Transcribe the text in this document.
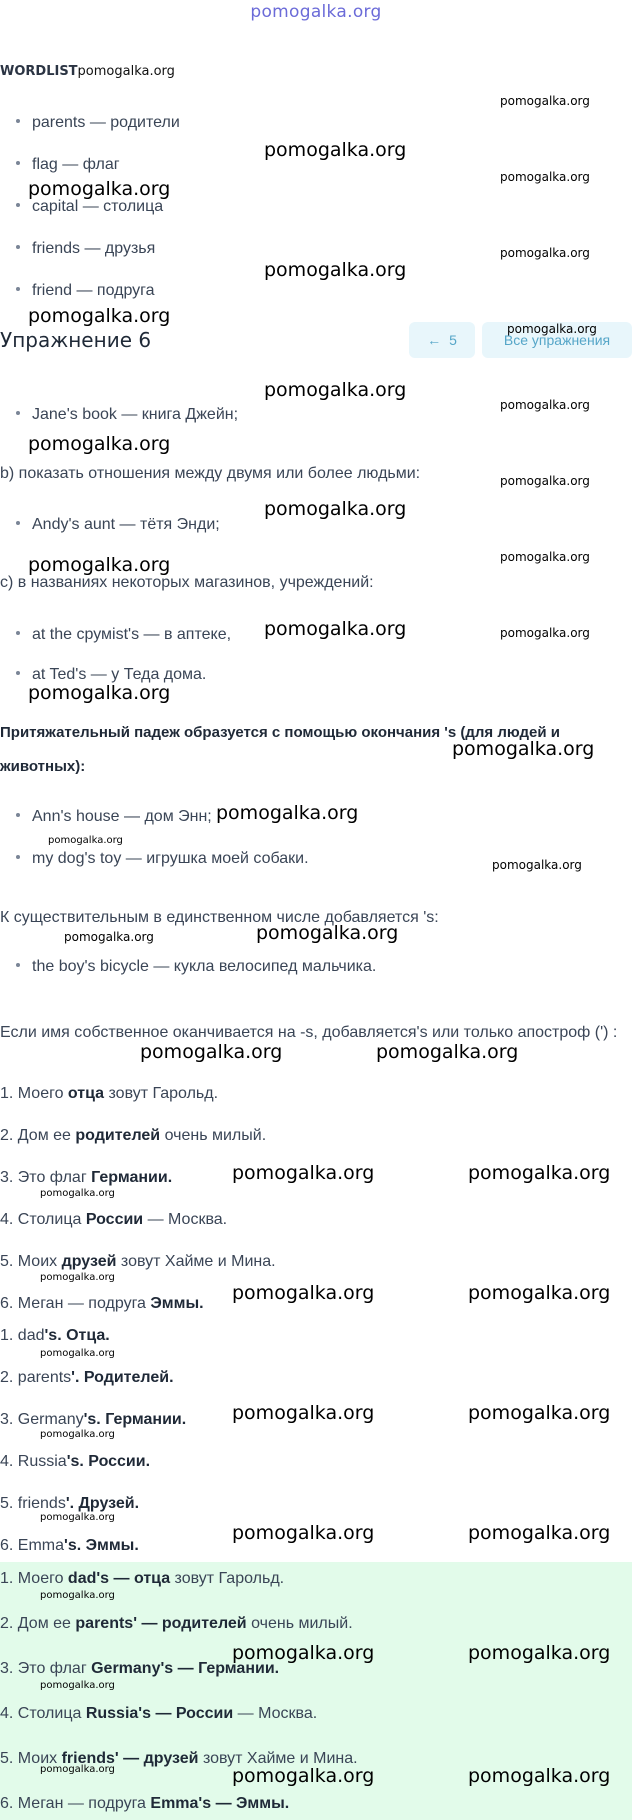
pomogalka.org
WORDLISTpomogalka.org
parents — родители
flag — флаг
capital — столица
friends — друзья
friend — подруга
Упражнение 6	← 5	Все упражнения
Jane's book — книга Джейн;
b) показать отношения между двумя или более людьми:
Andy's aunt — тётя Энди;
c) в названиях некоторых магазинов, учреждений:
at the срумist's — в аптеке,
at Ted's — у Теда дома.
Притяжательный падеж образуется с помощью окончания 's (для людей и животных):
Ann's house — дом Энн;
my dog's toy — игрушка моей собаки.
К существительным в единственном числе добавляется 's:
the boy's bicycle — кукла велосипед мальчика.
Если имя собственное оканчивается на -s, добавляется's или только апостроф (') :
1. Моего отца зовут Гарольд.
2. Дом ее родителей очень милый.
3. Это флаг Германии.
4. Столица России — Москва.
5. Моих друзей зовут Хайме и Мина.
6. Меган — подруга Эммы.
1. dad's. Отца.
2. parents'. Родителей.
3. Germany's. Германии.
4. Russia's. России.
5. friends'. Друзей.
6. Emma's. Эммы.
1. Моего dad's — отца зовут Гарольд.
2. Дом ее parents' — родителей очень милый.
3. Это флаг Germany's — Германии.
4. Столица Russia's — России — Москва.
5. Моих friends' — друзей зовут Хайме и Мина.
6. Меган — подруга Emma's — Эммы.
pomogalka.org
pomogalka.org
pomogalka.org
pomogalka.org
pomogalka.org
pomogalka.org
pomogalka.org
pomogalka.org
pomogalka.org
pomogalka.org
pomogalka.org
pomogalka.org
pomogalka.org
pomogalka.org	pomogalka.org
pomogalka.org	pomogalka.org
pomogalka.org	pomogalka.org
pomogalka.org	pomogalka.org
pomogalka.org	pomogalka.org
pomogalka.org	pomogalka.org
pomogalka.org	pomogalka.org
pomogalka.org
pomogalka.org
pomogalka.org
pomogalka.org
pomogalka.org
pomogalka.org
pomogalka.org
pomogalka.org
pomogalka.org
pomogalka.org
pomogalka.org
pomogalka.org
pomogalka.org
pomogalka.org
pomogalka.org
pomogalka.org
pomogalka.org
pomogalka.org
pomogalka.org
